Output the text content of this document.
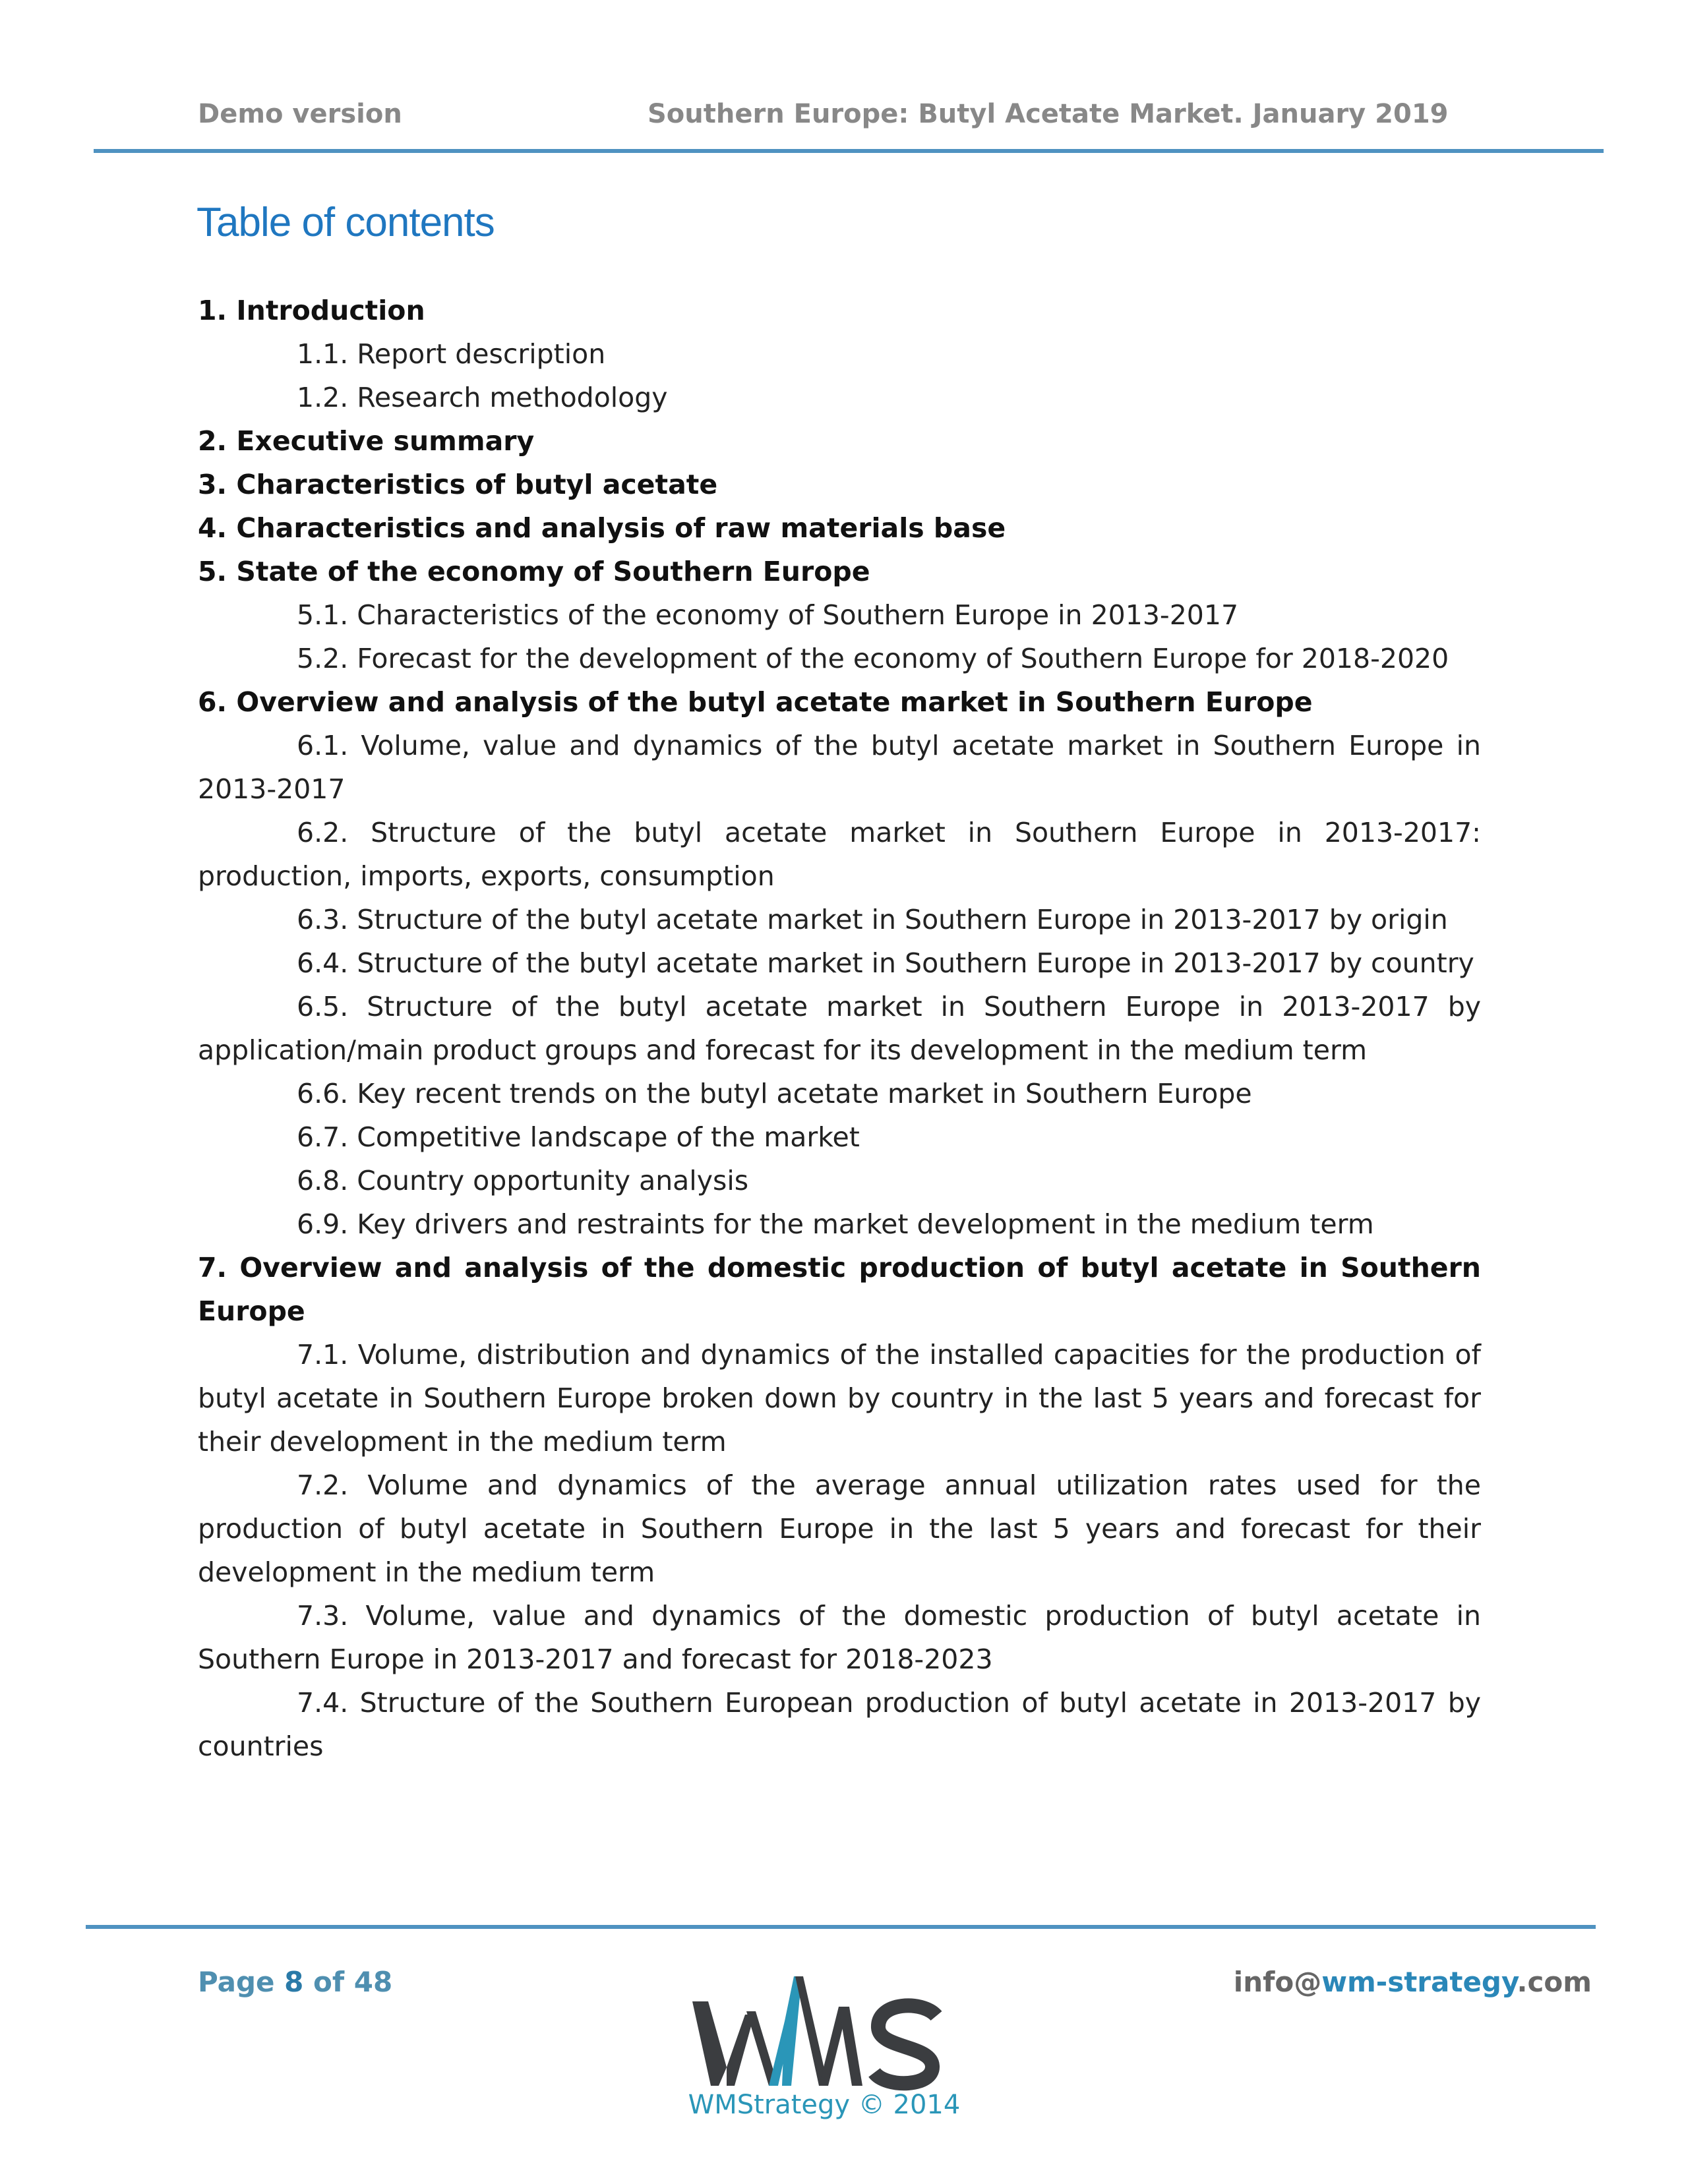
Demo version	Southern Europe: Butyl Acetate Market. January 2019
Table of contents
1. Introduction
1.1. Report description
1.2. Research methodology
2. Executive summary
3. Characteristics of butyl acetate
4. Characteristics and analysis of raw materials base
5. State of the economy of Southern Europe
5.1. Characteristics of the economy of Southern Europe in 2013-2017
5.2. Forecast for the development of the economy of Southern Europe for 2018-2020
6. Overview and analysis of the butyl acetate market in Southern Europe
6.1. Volume, value and dynamics of the butyl acetate market in Southern Europe in 2013-2017
6.2. Structure of the butyl acetate market in Southern Europe in 2013-2017: production, imports, exports, consumption
6.3. Structure of the butyl acetate market in Southern Europe in 2013-2017 by origin
6.4. Structure of the butyl acetate market in Southern Europe in 2013-2017 by country
6.5. Structure of the butyl acetate market in Southern Europe in 2013-2017 by application/main product groups and forecast for its development in the medium term
6.6. Key recent trends on the butyl acetate market in Southern Europe
6.7. Competitive landscape of the market
6.8. Country opportunity analysis
6.9. Key drivers and restraints for the market development in the medium term
7. Overview and analysis of the domestic production of butyl acetate in Southern Europe
7.1. Volume, distribution and dynamics of the installed capacities for the production of butyl acetate in Southern Europe broken down by country in the last 5 years and forecast for their development in the medium term
7.2. Volume and dynamics of the average annual utilization rates used for the production of butyl acetate in Southern Europe in the last 5 years and forecast for their development in the medium term
7.3. Volume, value and dynamics of the domestic production of butyl acetate in Southern Europe in 2013-2017 and forecast for 2018-2023
7.4. Structure of the Southern European production of butyl acetate in 2013-2017 by countries
Page 8 of 48	info@wm-strategy.com
WMStrategy © 2014
